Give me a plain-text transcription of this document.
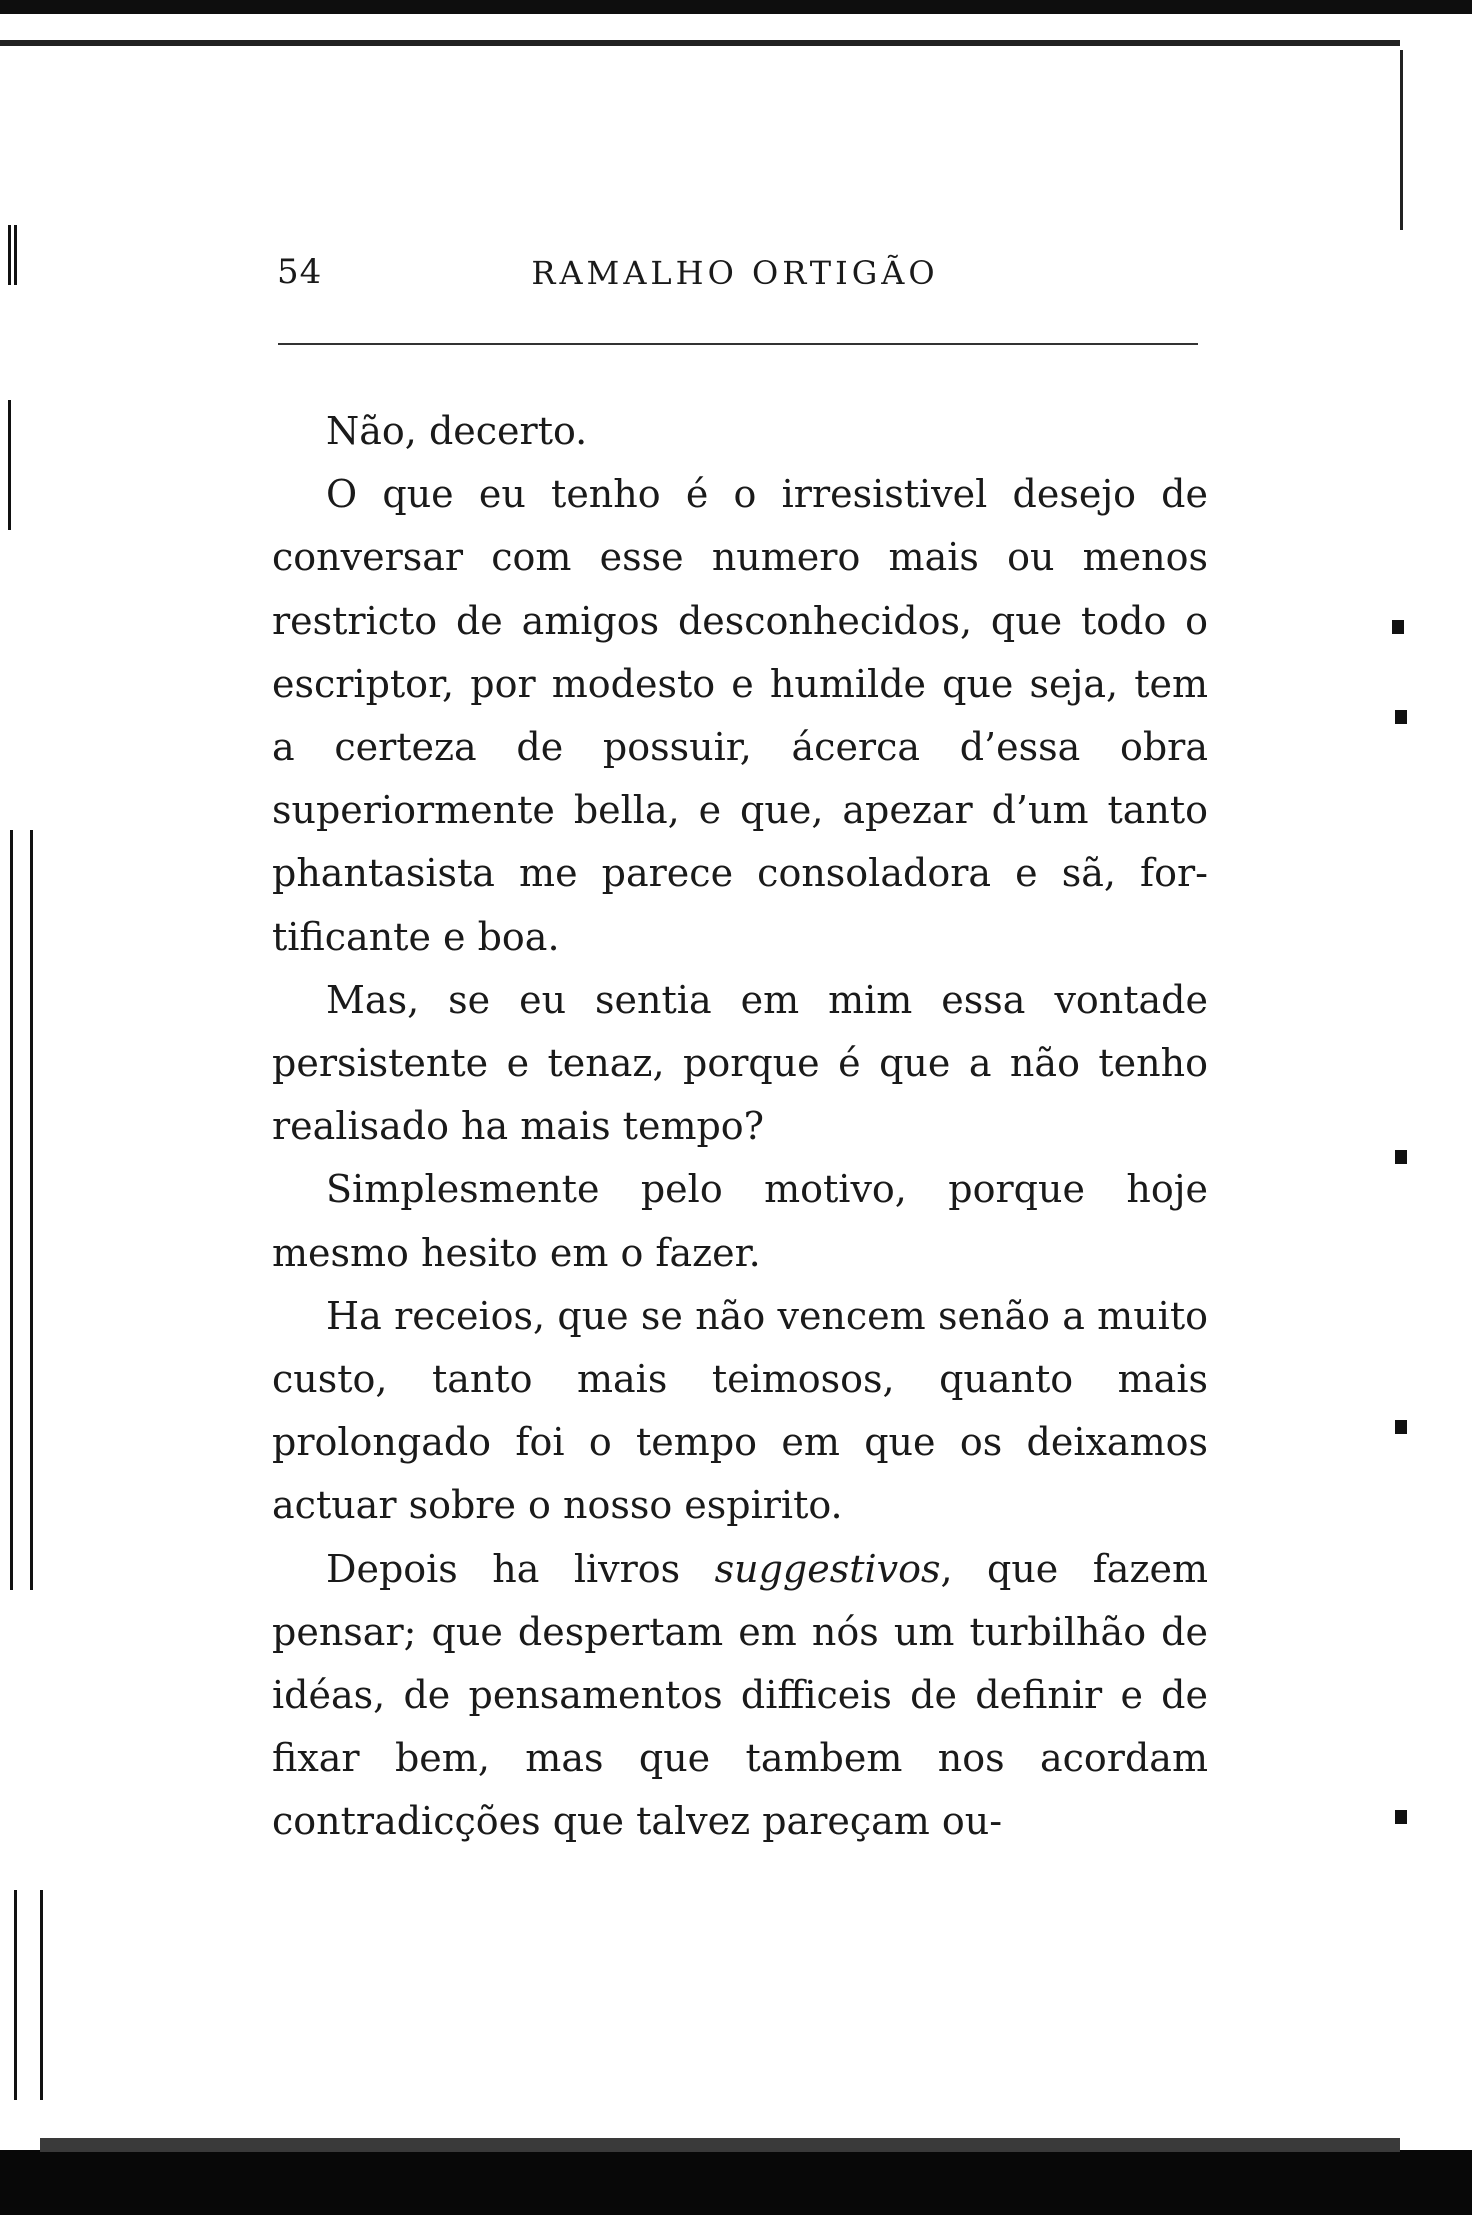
54	RAMALHO ORTIGÃO

Não, decerto.

O que eu tenho é o irresistivel desejo de conversar com esse numero mais ou menos restricto de amigos desconhecidos, que todo o escriptor, por modesto e humilde que seja, tem a certeza de possuir, ácerca d’essa obra superiormente bella, e que, apezar d’um tanto phantasista me parece consoladora e sã, fortificante e boa.

Mas, se eu sentia em mim essa vontade persistente e tenaz, porque é que a não tenho realisado ha mais tempo?

Simplesmente pelo motivo, porque hoje mesmo hesito em o fazer.

Ha receios, que se não vencem senão a muito custo, tanto mais teimosos, quanto mais prolongado foi o tempo em que os deixamos actuar sobre o nosso espirito.

Depois ha livros suggestivos, que fazem pensar; que despertam em nós um turbilhão de idéas, de pensamentos difficeis de definir e de fixar bem, mas que tambem nos acordam contradicções que talvez pareçam ou-
